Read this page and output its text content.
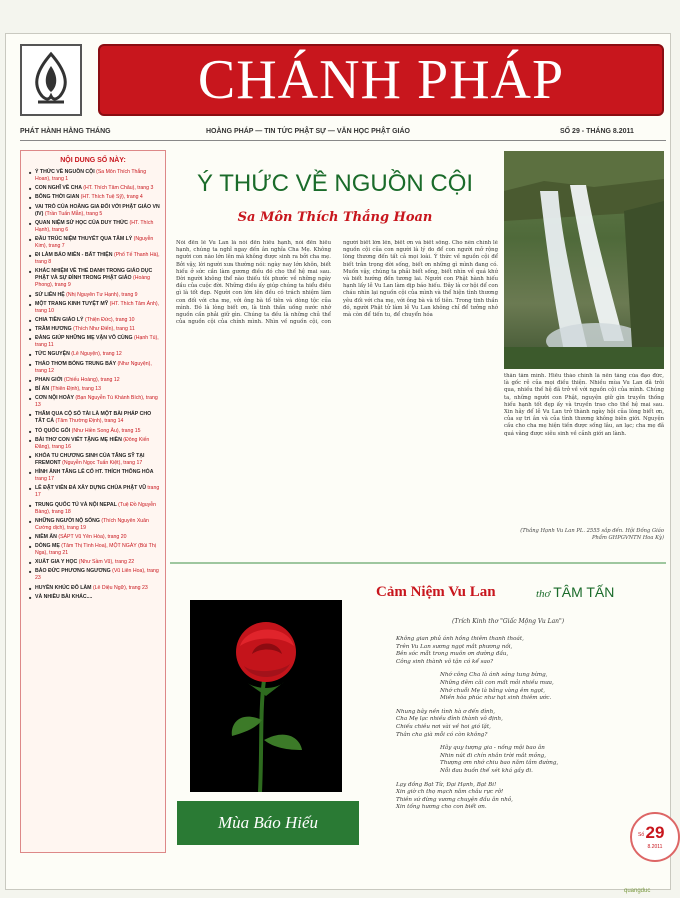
CHÁNH PHÁP
PHÁT HÀNH HẰNG THÁNG	HOẰNG PHÁP — TIN TỨC PHẬT SỰ — VĂN HỌC PHẬT GIÁO	SỐ 29 - THÁNG 8.2011
NỘI DUNG SỐ NÀY:
■ Ý THỨC VỀ NGUỒN CỘI (Sa Môn Thích Thắng Hoan), trang 1
■ CON NGHĨ VỀ CHA (HT. Thích Tâm Châu), trang 3
■ BÔNG THỜI GIAN (HT. Thích Tuệ Sỹ), trang 4
■ VAI TRÒ CỦA HOẰNG GIA ĐỐI VỚI PHẬT GIÁO VN (IV) (Trần Tuấn Mẫn), trang 5
■ QUAN NIỆM SỬ HỌC CỦA DUY THỨC (HT. Thích Hạnh), trang 6
■ ĐẦU TRÚC NIỆM THUYẾT QUA TÂM LÝ (Nguyễn Kim), trang 7
■ ĐI LÀM BÁO MIỄN - BẤT THIỆN (Phổ Tế Thanh Hà), trang 8
■ KHÁC NHIỆM VỀ THỂ DANH TRONG GIÁO DỤC PHẬT VÀ SỰ ĐÌNH TRONG PHẬT GIÁO (Hoàng Phong), trang 9
■ SỬ LIÊN HỆ (Nhị Nguyên Tư Hạnh), trang 9
■ MỘT TRANG KINH TUYỆT MỸ (HT. Thích Tâm Ánh), trang 10
■ CHIA TIỀN GIÁO LÝ (Thiện Đức), trang 10
■ TRẦM HƯƠNG (Thích Như Điển), trang 11
■ ĐÀNG GIÚP NHỮNG MẸ VẬN VÔ CÙNG (Hạnh Tú), trang 11
■ TỨC NGUYỆN (Lê Nguyện), trang 12
■ THẢO THƠM BÓNG TRUNG BẨY (Như Nguyện), trang 12
■ PHAN GIỚI (Chiếu Hoàng), trang 12
■ BÍ ẨN (Thiên Định), trang 13
■ CƠN NỘI HOÀY (Bạn Nguyễn Tú Khánh Bích), trang 13
■ THĂM QUA CỘ SỐ TÀI LÀ MỘT BÀI PHÁP CHO TẤT CẢ (Tâm Thường Định), trang 14
■ TỔ QUỐC GỐI (Như Hiền Song Âu), trang 15
■ BÀI THƠ CON VIẾT TẶNG MẸ HIỀN (Đông Kiến Đăng), trang 16
■ KHÓA TU CHƯƠNG SINH CỦA TĂNG SỸ TẠI FREMONT (Nguyễn Ngọc Tuấn Kiệt), trang 17
■ HÌNH ẢNH TĂNG LỄ CỐ HT. THÍCH THÔNG HÒA trang 17
■ LỄ ĐẶT VIÊN ĐÁ XÂY DỰNG CHÙA PHẬT VŨ trang 17
■ TRUNG QUỐC TÚ VÀ NỘI NEPAL (Tuệ Đồ Nguyễn Bàng), trang 18
■ NHỮNG NGƯỜI NỘ SỐNG (Thích Nguyên Xuân Cường dịch), trang 19
■ NIỀM ẤN (SẢPT Vũ Yên Hòa), trang 20
■ DÒNG MẸ (Tâm Thị Tình Hoa), MỘT NGÀY (Bùi Thị Nga), trang 21
■ XUẤT GIA Y HỌC (Như Sầm Vũ), trang 22
■ BÀO ĐỨC PHƯƠNG NGƯƠNG (Vũ Liên Hoa), trang 23
■ HUYỀN KHÚC ĐÔ LÀM (Lê Diệu Ngữ), trang 23
■ VÀ NHIỀU BÀI KHÁC....
Ý THỨC VỀ NGUỒN CỘI
Sa Môn Thích Thắng Hoan
Nói đến lễ Vu Lan là nói đến hiếu hạnh, nói đến hiếu hạnh, chúng ta nghĩ ngay đến ân nghĩa Cha Mẹ. Không người con nào lớn lên mà không được sinh ra bởi cha mẹ. Bởi vậy, lời người xưa thường nói: ngày nay lớn khôn, biết hiếu ở sức cần làm gương điều đó cho thế hệ mai sau. Đời người không thể nào thiếu tôi phước về những ngày đầu của cuộc đời. Những điều ấy giúp chúng ta hiểu điều gì là tốt đẹp. Người con lớn lên đều có trách nhiệm làm con đối với cha mẹ, với ông bà tổ tiên và dòng tộc của mình. Đó là lòng biết ơn, là tinh thần uống nước nhớ nguồn cần phải giữ gìn. Chúng ta đều là những chủ thể của nguồn cội của chính mình. Nhìn về nguồn cội, con người biết lớn lên, biết ơn và biết sống. Cho nên chính lễ nguồn cội của con người là lý do để con người mở rộng lòng thương đến tất cả mọi loài. Ý thức về nguồn cội để biết trân trọng đời sống, biết ơn những gì mình đang có. Muốn vậy, chúng ta phải biết sống, biết nhìn về quá khứ và biết hướng đến tương lai. Người con Phật hành hiếu hạnh lấy lễ Vu Lan làm dịp báo hiếu. Đây là cơ hội để con cháu nhìn lại nguồn cội của mình và thể hiện tình thương yêu đối với cha mẹ, với ông bà và tổ tiên. Trong tinh thần đó, người Phật tử làm lễ Vu Lan không chỉ để tưởng nhớ mà còn để tiến tu, để chuyển hóa
thân tâm mình. Hiếu thảo chính là nền tảng của đạo đức, là gốc rễ của mọi điều thiện. Nhiều mùa Vu Lan đã trôi qua, nhiều thế hệ đã trở về với nguồn cội của mình. Chúng ta, những người con Phật, nguyện giữ gìn truyền thống hiếu hạnh tốt đẹp ấy và truyền trao cho thế hệ mai sau. Xin hãy để lễ Vu Lan trở thành ngày hội của lòng biết ơn, của sự tri ân và của tình thương không biên giới. Nguyện cầu cho cha mẹ hiện tiền được sống lâu, an lạc; cha mẹ đã quá vãng được siêu sinh về cảnh giới an lành.
(Thắng Hạnh Vu Lan PL. 2555 sắp đến. Hội Đồng Giáo Phẩm GHPGVNTN Hoa Kỳ)
Cảm Niệm Vu Lan	thơ TÂM TẤN
(Trích Kinh thơ "Giấc Mộng Vu Lan")
Không gian phủ ánh hồng thiêm thanh thoát,
Trên Vu Lan sương ngọt mắt phương nồi,
Bên sóc mẫt trong muôn ơn dường đầu,
Công sinh thành vô tận có kể sao?
Nhớ công Cha là ánh sáng tung bừng,
Những đêm cãi con mất mỏi nhiều mưa,
Nhớ chuỗi Mẹ là bằng vàng êm ngọt,
Miền hòa phúc như hạt sinh thiêm ước.
Nhung bây nền tình hà ơ đến đình,
Cha Mẹ lạc nhiều đình thành vô định,
Chiếu chiêu nơi vài về hoi gió lặt,
Thân cha già mỗi có còn không?
Hãy quy tượng gia - nồng mội bao ân
Nhin nút đi chín nhân trời mắt mỏng,
Thượng ơm nhớ chiu bao năm tâm đường,
Nỗi đau buồn thế xét khá gầy đi.
Lạy đồng Bạt Từ, Đại Hạnh, Bạt Bi!
Xin giờ ch thọ mạch năm châu rực rỡ!
Thiên sứ đừng vương chuyện đầu ân nhỏ,
Xin tống hương cho con biết ơn.
Mùa Báo Hiếu
Số 29
8.2011
quangduc
